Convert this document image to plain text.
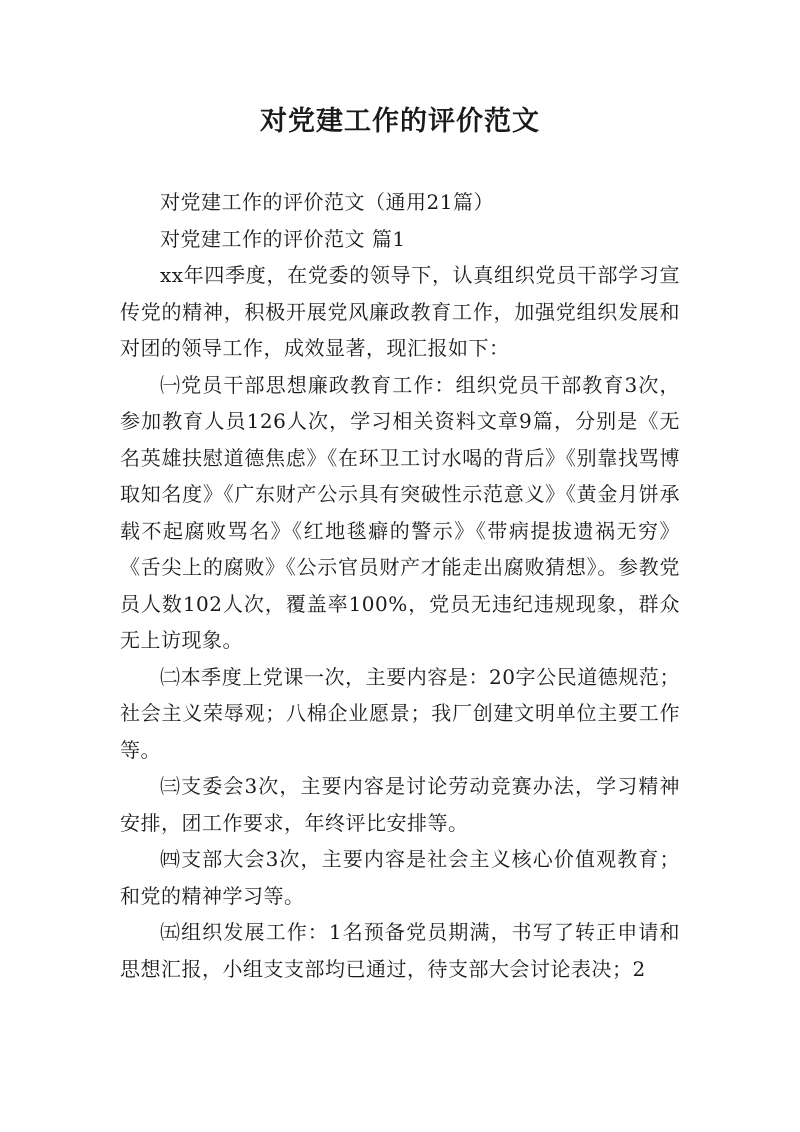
对党建工作的评价范文

对党建工作的评价范文（通用21篇）

对党建工作的评价范文 篇1

xx年四季度，在党委的领导下，认真组织党员干部学习宣传党的精神，积极开展党风廉政教育工作，加强党组织发展和对团的领导工作，成效显著，现汇报如下：

㈠党员干部思想廉政教育工作：组织党员干部教育3次，参加教育人员126人次，学习相关资料文章9篇，分别是《无名英雄扶慰道德焦虑》《在环卫工讨水喝的背后》《别靠找骂博取知名度》《广东财产公示具有突破性示范意义》《黄金月饼承载不起腐败骂名》《红地毯癖的警示》《带病提拔遗祸无穷》《舌尖上的腐败》《公示官员财产才能走出腐败猜想》。参教党员人数102人次，覆盖率100%，党员无违纪违规现象，群众无上访现象。

㈡本季度上党课一次，主要内容是：20字公民道德规范；社会主义荣辱观；八棉企业愿景；我厂创建文明单位主要工作等。

㈢支委会3次，主要内容是讨论劳动竞赛办法，学习精神安排，团工作要求，年终评比安排等。

㈣支部大会3次，主要内容是社会主义核心价值观教育；和党的精神学习等。

㈤组织发展工作：1名预备党员期满，书写了转正申请和思想汇报，小组支支部均已通过，待支部大会讨论表决；2
